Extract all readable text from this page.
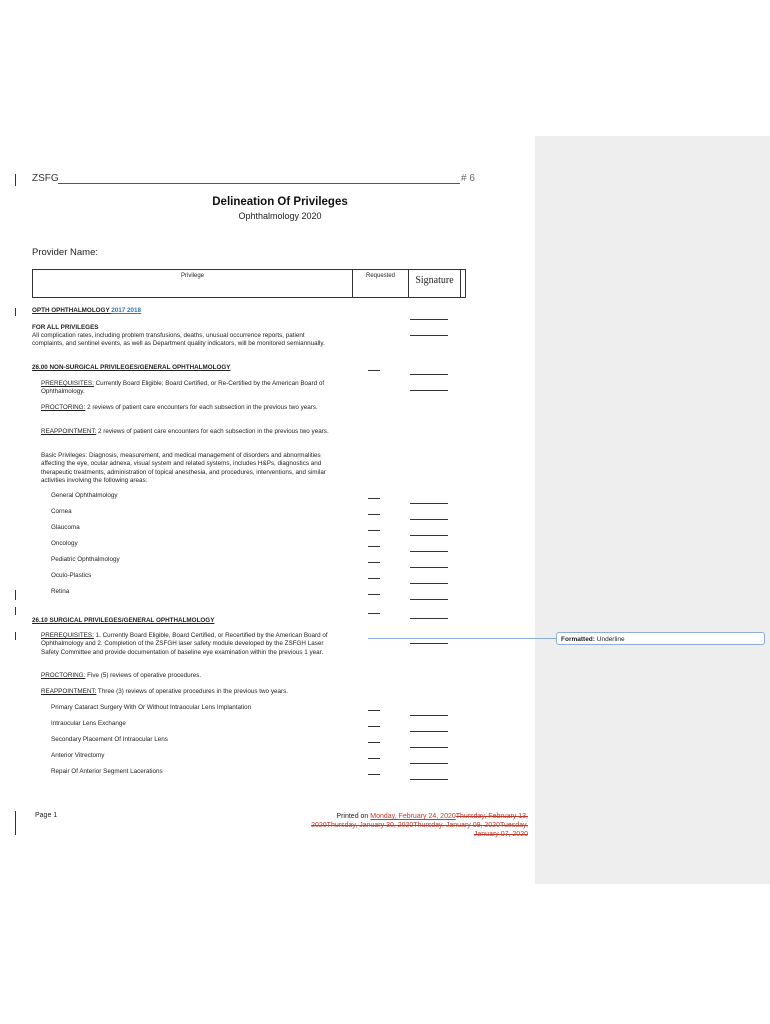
ZSFG	# 6
Delineation Of Privileges
Ophthalmology 2020
Provider Name:
Privilege	Requested	Signature
OPTH OPHTHALMOLOGY 2017 2018
FOR ALL PRIVILEGES
All complication rates, including problem transfusions, deaths, unusual occurrence reports, patient complaints, and sentinel events, as well as Department quality indicators, will be monitored semiannually.
26.00 NON-SURGICAL PRIVILEGES/GENERAL OPHTHALMOLOGY
PREREQUISITES: Currently Board Eligible; Board Certified, or Re-Certified by the American Board of Ophthalmology.
PROCTORING: 2 reviews of patient care encounters for each subsection in the previous two years.
REAPPOINTMENT: 2 reviews of patient care encounters for each subsection in the previous two years.
Basic Privileges: Diagnosis, measurement, and medical management of disorders and abnormalities affecting the eye, ocular adnexa, visual system and related systems, includes H&Ps, diagnostics and therapeutic treatments, administration of topical anesthesia, and procedures, interventions, and similar activities involving the following areas:
General Ophthalmology
Cornea
Glaucoma
Oncology
Pediatric Ophthalmology
Oculo-Plastics
Retina
26.10 SURGICAL PRIVILEGES/GENERAL OPHTHALMOLOGY
PREREQUISITES: 1. Currently Board Eligible, Board Certified, or Recertified by the American Board of Ophthalmology and 2. Completion of the ZSFGH laser safety module developed by the ZSFGH Laser Safety Committee and provide documentation of baseline eye examination within the previous 1 year.
PROCTORING: Five (5) reviews of operative procedures.
REAPPOINTMENT: Three (3) reviews of operative procedures in the previous two years.
Primary Cataract Surgery With Or Without Intraocular Lens Implantation
Intraocular Lens Exchange
Secondary Placement Of Intraocular Lens
Anterior Vitrectomy
Repair Of Anterior Segment Lacerations
Formatted: Underline
Page 1	Printed on Monday, February 24, 2020Thursday, February 13, 2020Thursday, January 30, 2020Thursday, January 09, 2020Tuesday, January 07, 2020
